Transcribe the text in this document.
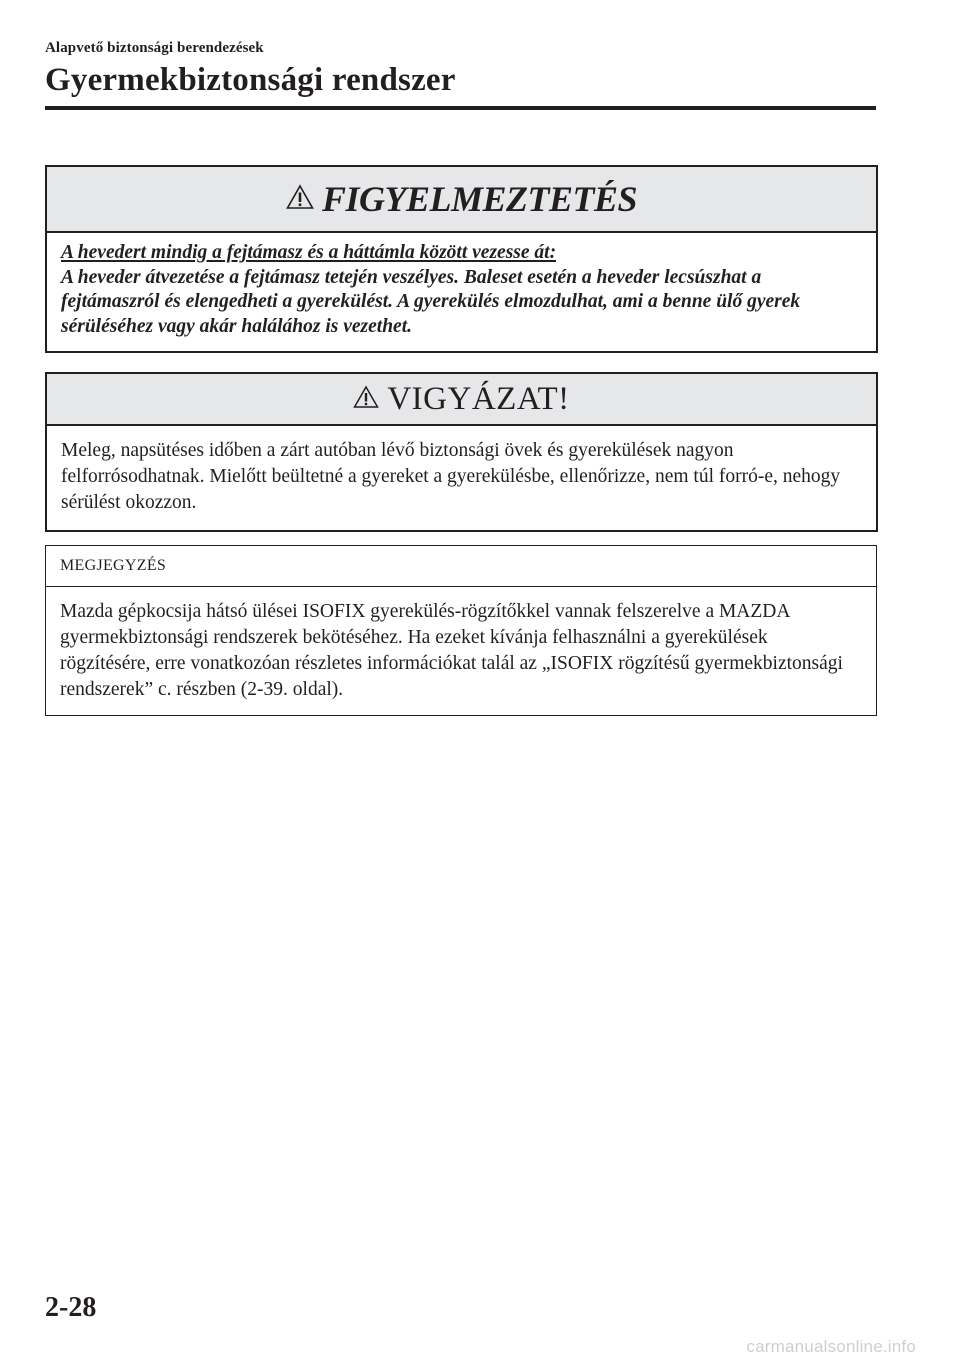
Alapvető biztonsági berendezések
Gyermekbiztonsági rendszer
FIGYELMEZTETÉS
A hevedert mindig a fejtámasz és a háttámla között vezesse át:
A heveder átvezetése a fejtámasz tetején veszélyes. Baleset esetén a heveder lecsúszhat a fejtámaszról és elengedheti a gyerekülést. A gyerekülés elmozdulhat, ami a benne ülő gyerek sérüléséhez vagy akár halálához is vezethet.
VIGYÁZAT!
Meleg, napsütéses időben a zárt autóban lévő biztonsági övek és gyerekülések nagyon felforrósodhatnak. Mielőtt beültetné a gyereket a gyerekülésbe, ellenőrizze, nem túl forró-e, nehogy sérülést okozzon.
MEGJEGYZÉS
Mazda gépkocsija hátsó ülései ISOFIX gyerekülés-rögzítőkkel vannak felszerelve a MAZDA gyermekbiztonsági rendszerek bekötéséhez. Ha ezeket kívánja felhasználni a gyerekülések rögzítésére, erre vonatkozóan részletes információkat talál az „ISOFIX rögzítésű gyermekbiztonsági rendszerek” c. részben (2-39. oldal).
2-28
carmanualsonline.info
